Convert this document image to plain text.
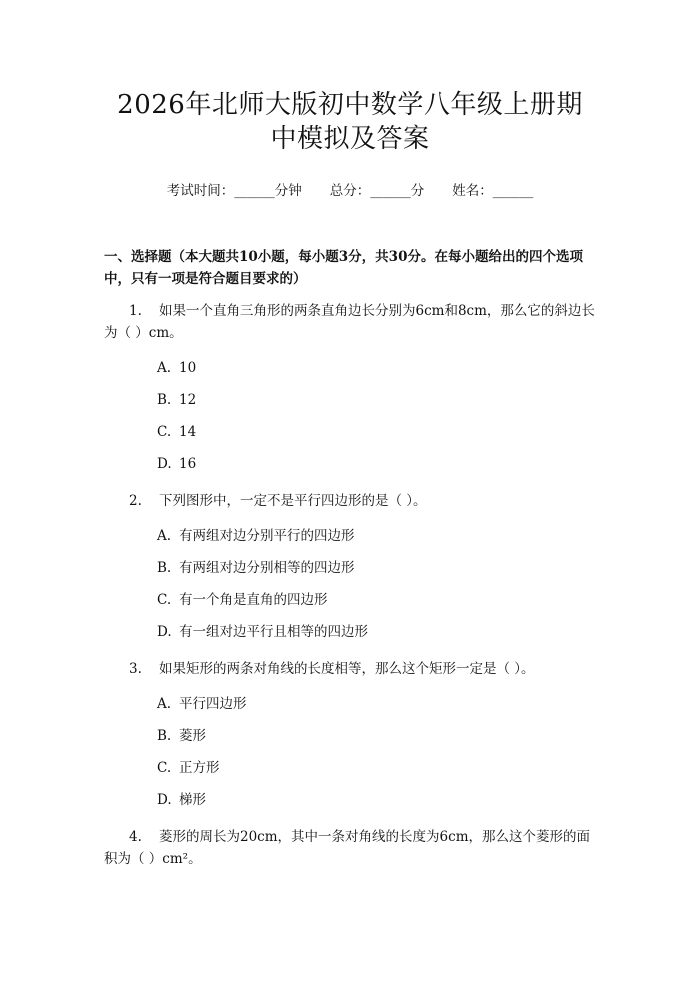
2026年北师大版初中数学八年级上册期中模拟及答案
考试时间：______分钟 总分：______分 姓名：______
一、选择题（本大题共10小题，每小题3分，共30分。在每小题给出的四个选项中，只有一项是符合题目要求的）
1. 如果一个直角三角形的两条直角边长分别为6cm和8cm，那么它的斜边长为（ ）cm。
A. 10
B. 12
C. 14
D. 16
2. 下列图形中，一定不是平行四边形的是（ ）。
A. 有两组对边分别平行的四边形
B. 有两组对边分别相等的四边形
C. 有一个角是直角的四边形
D. 有一组对边平行且相等的四边形
3. 如果矩形的两条对角线的长度相等，那么这个矩形一定是（ ）。
A. 平行四边形
B. 菱形
C. 正方形
D. 梯形
4. 菱形的周长为20cm，其中一条对角线的长度为6cm，那么这个菱形的面积为（ ）cm²。
